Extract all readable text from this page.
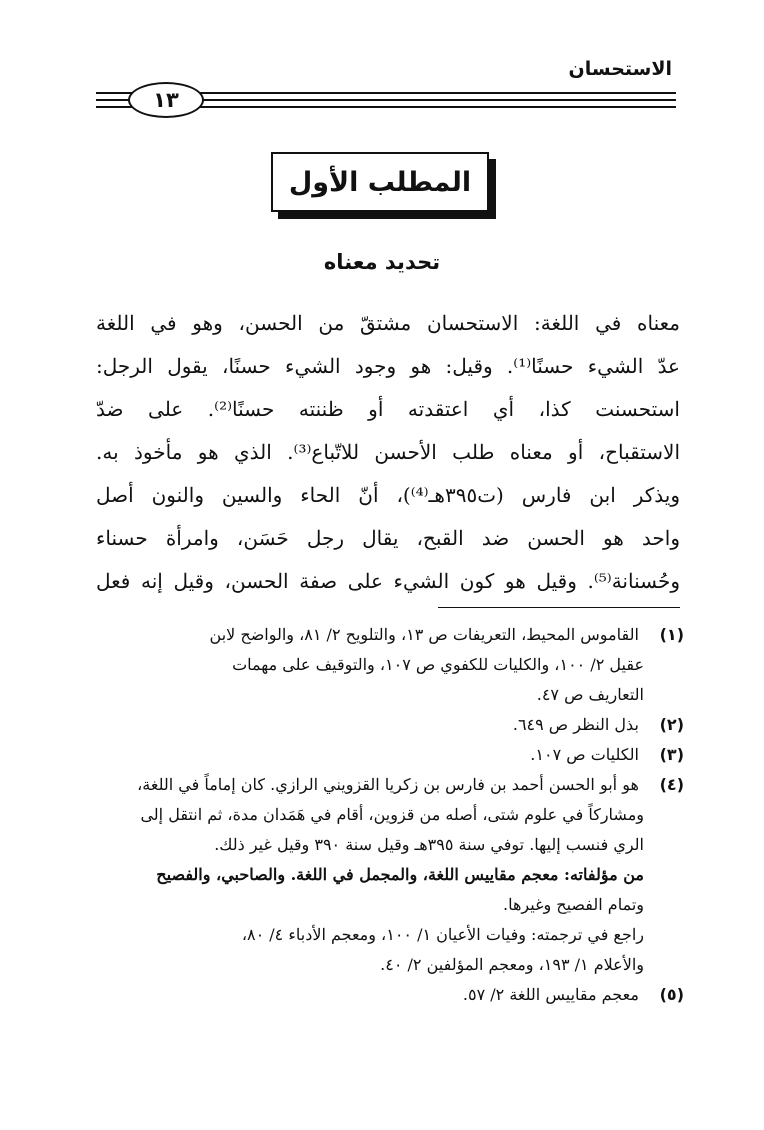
الاستحسان
١٣
المطلب الأول
تحديد معناه
معناه في اللغة: الاستحسان مشتقّ من الحسن، وهو في اللغة
عدّ الشيء حسنًا⁽¹⁾. وقيل: هو وجود الشيء حسنًا، يقول الرجل:
استحسنت كذا، أي اعتقدته أو ظننته حسنًا⁽²⁾. على ضدّ
الاستقباح، أو معناه طلب الأحسن للاتّباع⁽³⁾. الذي هو مأخوذ به.
ويذكر ابن فارس (ت٣٩٥هـ⁽⁴⁾)، أنّ الحاء والسين والنون أصل
واحد هو الحسن ضد القبح، يقال رجل حَسَن، وامرأة حسناء
وحُسنانة⁽⁵⁾. وقيل هو كون الشيء على صفة الحسن، وقيل إنه فعل
(١) القاموس المحيط، التعريفات ص ١٣، والتلويح ٢/ ٨١، والواضح لابن
عقيل ٢/ ١٠٠، والكليات للكفوي ص ١٠٧، والتوقيف على مهمات
التعاريف ص ٤٧.
(٢) بذل النظر ص ٦٤٩.
(٣) الكليات ص ١٠٧.
(٤) هو أبو الحسن أحمد بن فارس بن زكريا القزويني الرازي. كان إماماً في اللغة،
ومشاركاً في علوم شتى، أصله من قزوين، أقام في هَمَدان مدة، ثم انتقل إلى
الري فنسب إليها. توفي سنة ٣٩٥هـ وقيل سنة ٣٩٠ وقيل غير ذلك.
من مؤلفاته: معجم مقاييس اللغة، والمجمل في اللغة. والصاحبي، والفصيح
وتمام الفصيح وغيرها.
راجع في ترجمته: وفيات الأعيان ١/ ١٠٠، ومعجم الأدباء ٤/ ٨٠،
والأعلام ١/ ١٩٣، ومعجم المؤلفين ٢/ ٤٠.
(٥) معجم مقاييس اللغة ٢/ ٥٧.
